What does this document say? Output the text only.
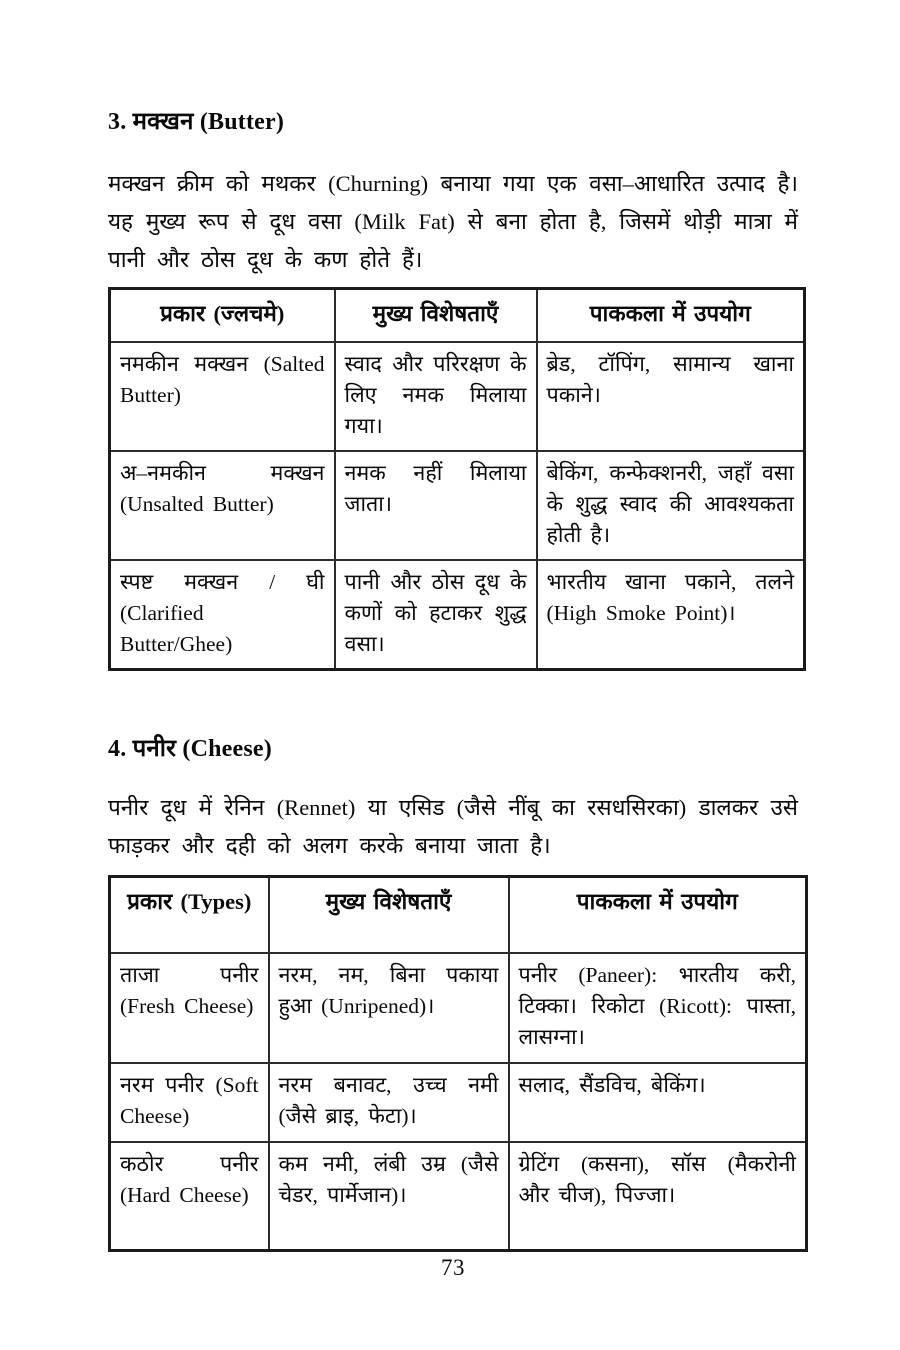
3. मक्खन (Butter)
मक्खन क्रीम को मथकर (Churning) बनाया गया एक वसा–आधारित उत्पाद है। यह मुख्य रूप से दूध वसा (Milk Fat) से बना होता है, जिसमें थोड़ी मात्रा में पानी और ठोस दूध के कण होते हैं।
प्रकार (ज्लचमे)	मुख्य विशेषताएँ	पाककला में उपयोग
नमकीन मक्खन (Salted Butter)	स्वाद और परिरक्षण के लिए नमक मिलाया गया।	ब्रेड, टॉपिंग, सामान्य खाना पकाने।
अ–नमकीन मक्खन (Unsalted Butter)	नमक नहीं मिलाया जाता।	बेकिंग, कन्फेक्शनरी, जहाँ वसा के शुद्ध स्वाद की आवश्यकता होती है।
स्पष्ट मक्खन / घी (Clarified Butter/Ghee)	पानी और ठोस दूध के कणों को हटाकर शुद्ध वसा।	भारतीय खाना पकाने, तलने (High Smoke Point)।
4. पनीर (Cheese)
पनीर दूध में रेनिन (Rennet) या एसिड (जैसे नींबू का रसधसिरका) डालकर उसे फाड़कर और दही को अलग करके बनाया जाता है।
प्रकार (Types)	मुख्य विशेषताएँ	पाककला में उपयोग
ताजा पनीर (Fresh Cheese)	नरम, नम, बिना पकाया हुआ (Unripened)।	पनीर (Paneer): भारतीय करी, टिक्का। रिकोटा (Ricott): पास्ता, लासग्ना।
नरम पनीर (Soft Cheese)	नरम बनावट, उच्च नमी (जैसे ब्राइ, फेटा)।	सलाद, सैंडविच, बेकिंग।
कठोर पनीर (Hard Cheese)	कम नमी, लंबी उम्र (जैसे चेडर, पार्मेजान)।	ग्रेटिंग (कसना), सॉस (मैकरोनी और चीज), पिज्जा।
73
